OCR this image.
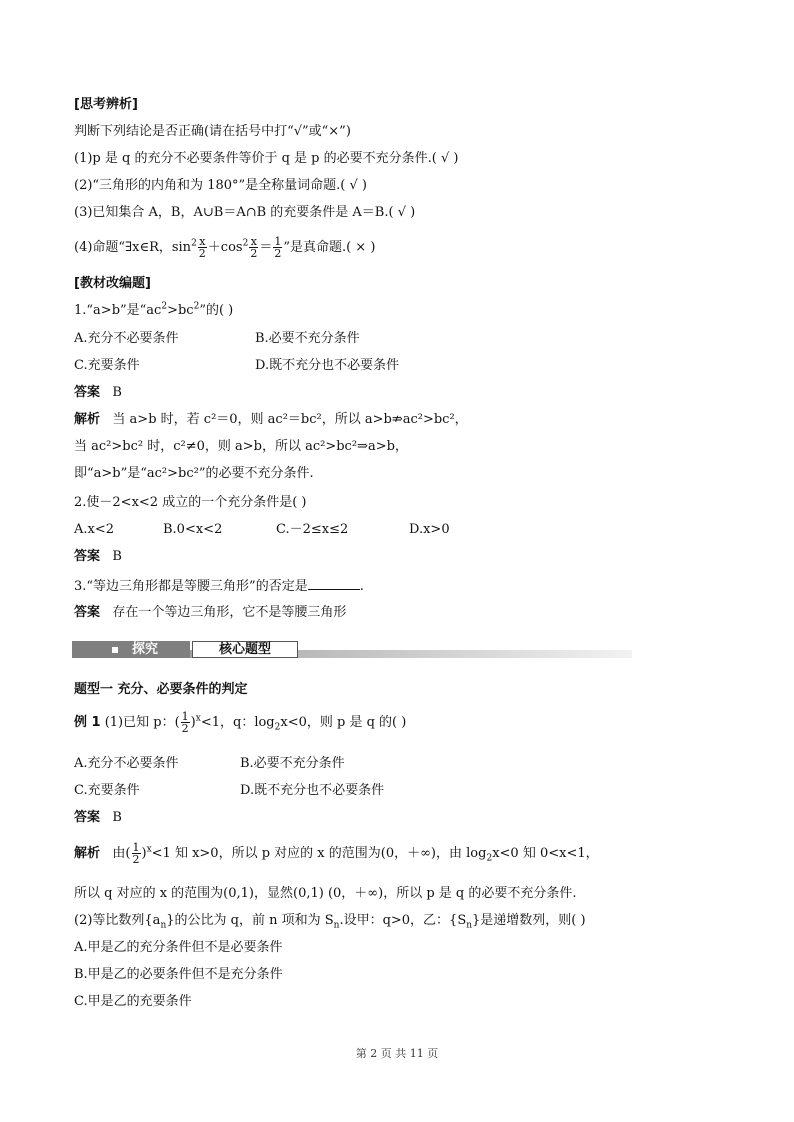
[思考辨析]
判断下列结论是否正确(请在括号中打“√”或“×”)
(1)p 是 q 的充分不必要条件等价于 q 是 p 的必要不充分条件.( √ )
(2)“三角形的内角和为 180°”是全称量词命题.( √ )
(3)已知集合 A，B，A∪B＝A∩B 的充要条件是 A＝B.( √ )
(4)命题“∃x∈R，$\sin^2 \frac{x}{2} +\cos^2 \frac{x}{2} = \frac{1}{2}$ ”是真命题.( × )
[教材改编题]
1.“a>b”是“$ac^2>bc^2$”的( )
A.充分不必要条件	B.必要不充分条件
C.充要条件	D.既不充分也不必要条件
答案 B
解析 当 a>b 时，若 c²＝0，则 ac²＝bc²，所以 a>b⇏ac²>bc²，
当 ac²>bc² 时，c²≠0，则 a>b，所以 ac²>bc²⇒a>b，
即“a>b”是“ac²>bc²”的必要不充分条件.
2.使－2<x<2 成立的一个充分条件是( )
A.x<2	B.0<x<2	C.－2≤x≤2	D.x>0
答案 B
3.“等边三角形都是等腰三角形”的否定是	.
答案 存在一个等边三角形，它不是等腰三角形
探究	核心题型
题型一 充分、必要条件的判定
例 1 (1)已知 p：( $\frac{1}{2} )^x<1$，q：$\log_2x<0$，则 p 是 q 的( )
A.充分不必要条件	B.必要不充分条件
C.充要条件	D.既不充分也不必要条件
答案 B
解析 由( $\frac{1}{2} )^x<1$ 知 x>0，所以 p 对应的 x 的范围为(0，＋∞)，由 $\log_2x<0$ 知 0<x<1，
所以 q 对应的 x 的范围为(0,1)，显然(0,1) (0，＋∞)，所以 p 是 q 的必要不充分条件.
(2)等比数列$\{a_n\}$的公比为 q，前 n 项和为 $S_n$.设甲：q>0，乙：$\{S_n\}$是递增数列，则( )
A.甲是乙的充分条件但不是必要条件
B.甲是乙的必要条件但不是充分条件
C.甲是乙的充要条件
第 2 页 共 11 页
